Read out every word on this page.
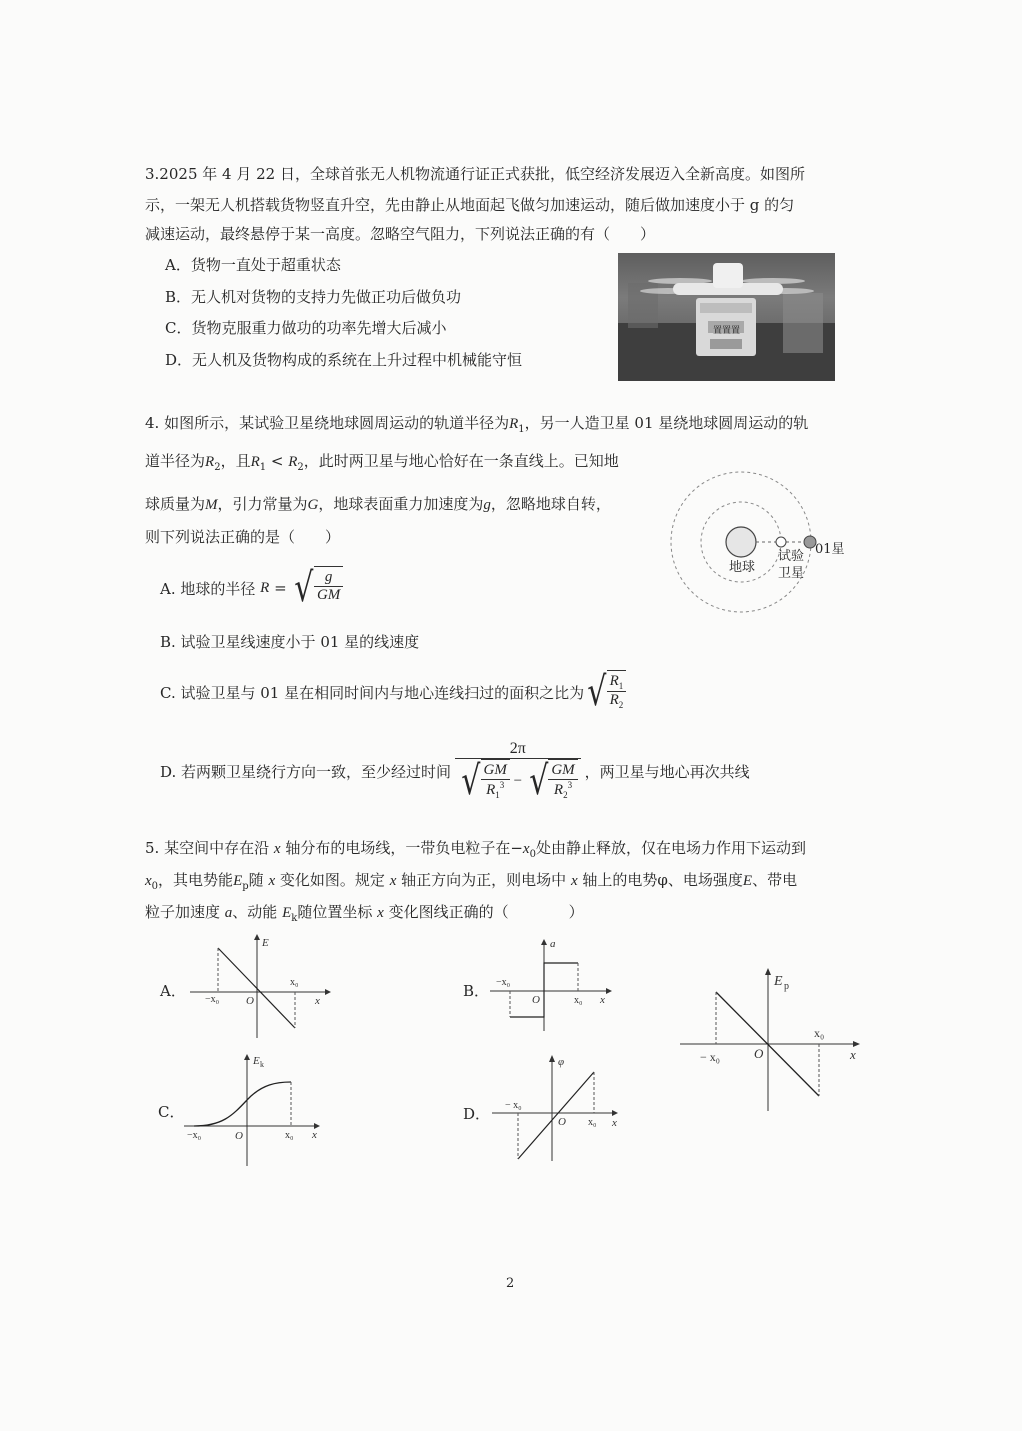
3.2025 年 4 月 22 日，全球首张无人机物流通行证正式获批，低空经济发展迈入全新高度。如图所
示，一架无人机搭载货物竖直升空，先由静止从地面起飞做匀加速运动，随后做加速度小于 g 的匀
减速运动，最终悬停于某一高度。忽略空气阻力，下列说法正确的有（　　）
A．货物一直处于超重状态
B．无人机对货物的支持力先做正功后做负功
C．货物克服重力做功的功率先增大后减小
D．无人机及货物构成的系统在上升过程中机械能守恒
置置置
4. 如图所示，某试验卫星绕地球圆周运动的轨道半径为$R_1$，另一人造卫星 01 星绕地球圆周运动的轨
道半径为$R_2$，且$R_1 < R_2$，此时两卫星与地心恰好在一条直线上。已知地
球质量为M，引力常量为G，地球表面重力加速度为g，忽略地球自转，
则下列说法正确的是（　　）
地球
试验
卫星
01星
A. 地球的半径
R = √ $\frac{g}{GM}$
B. 试验卫星线速度小于 01 星的线速度
C. 试验卫星与 01 星在相同时间内与地心连线扫过的面积之比为 √ $\frac{R_1}{R_2}$
D. 若两颗卫星绕行方向一致，至少经过时间 $\frac{2\pi}{√ \frac{GM}{R_1^3} - √ \frac{GM}{R_2^3}}$ ，两卫星与地心再次共线
5. 某空间中存在沿 x 轴分布的电场线，一带负电粒子在$-x_0$处由静止释放，仅在电场力作用下运动到
$x_0$，其电势能$E_p$随 x 变化如图。规定 x 轴正方向为正，则电场中 x 轴上的电势φ、电场强度E、带电
粒子加速度 a、动能 $E_k$随位置坐标 x 变化图线正确的（　　　　）
A．	B．
C．	D．
E
−x₀
x₀
O	x
a
−x₀
x₀
O	x
E p
− x₀
x₀
O	x
E k
−x₀	x₀
O	x
φ
− x₀
x₀
O	x
2
